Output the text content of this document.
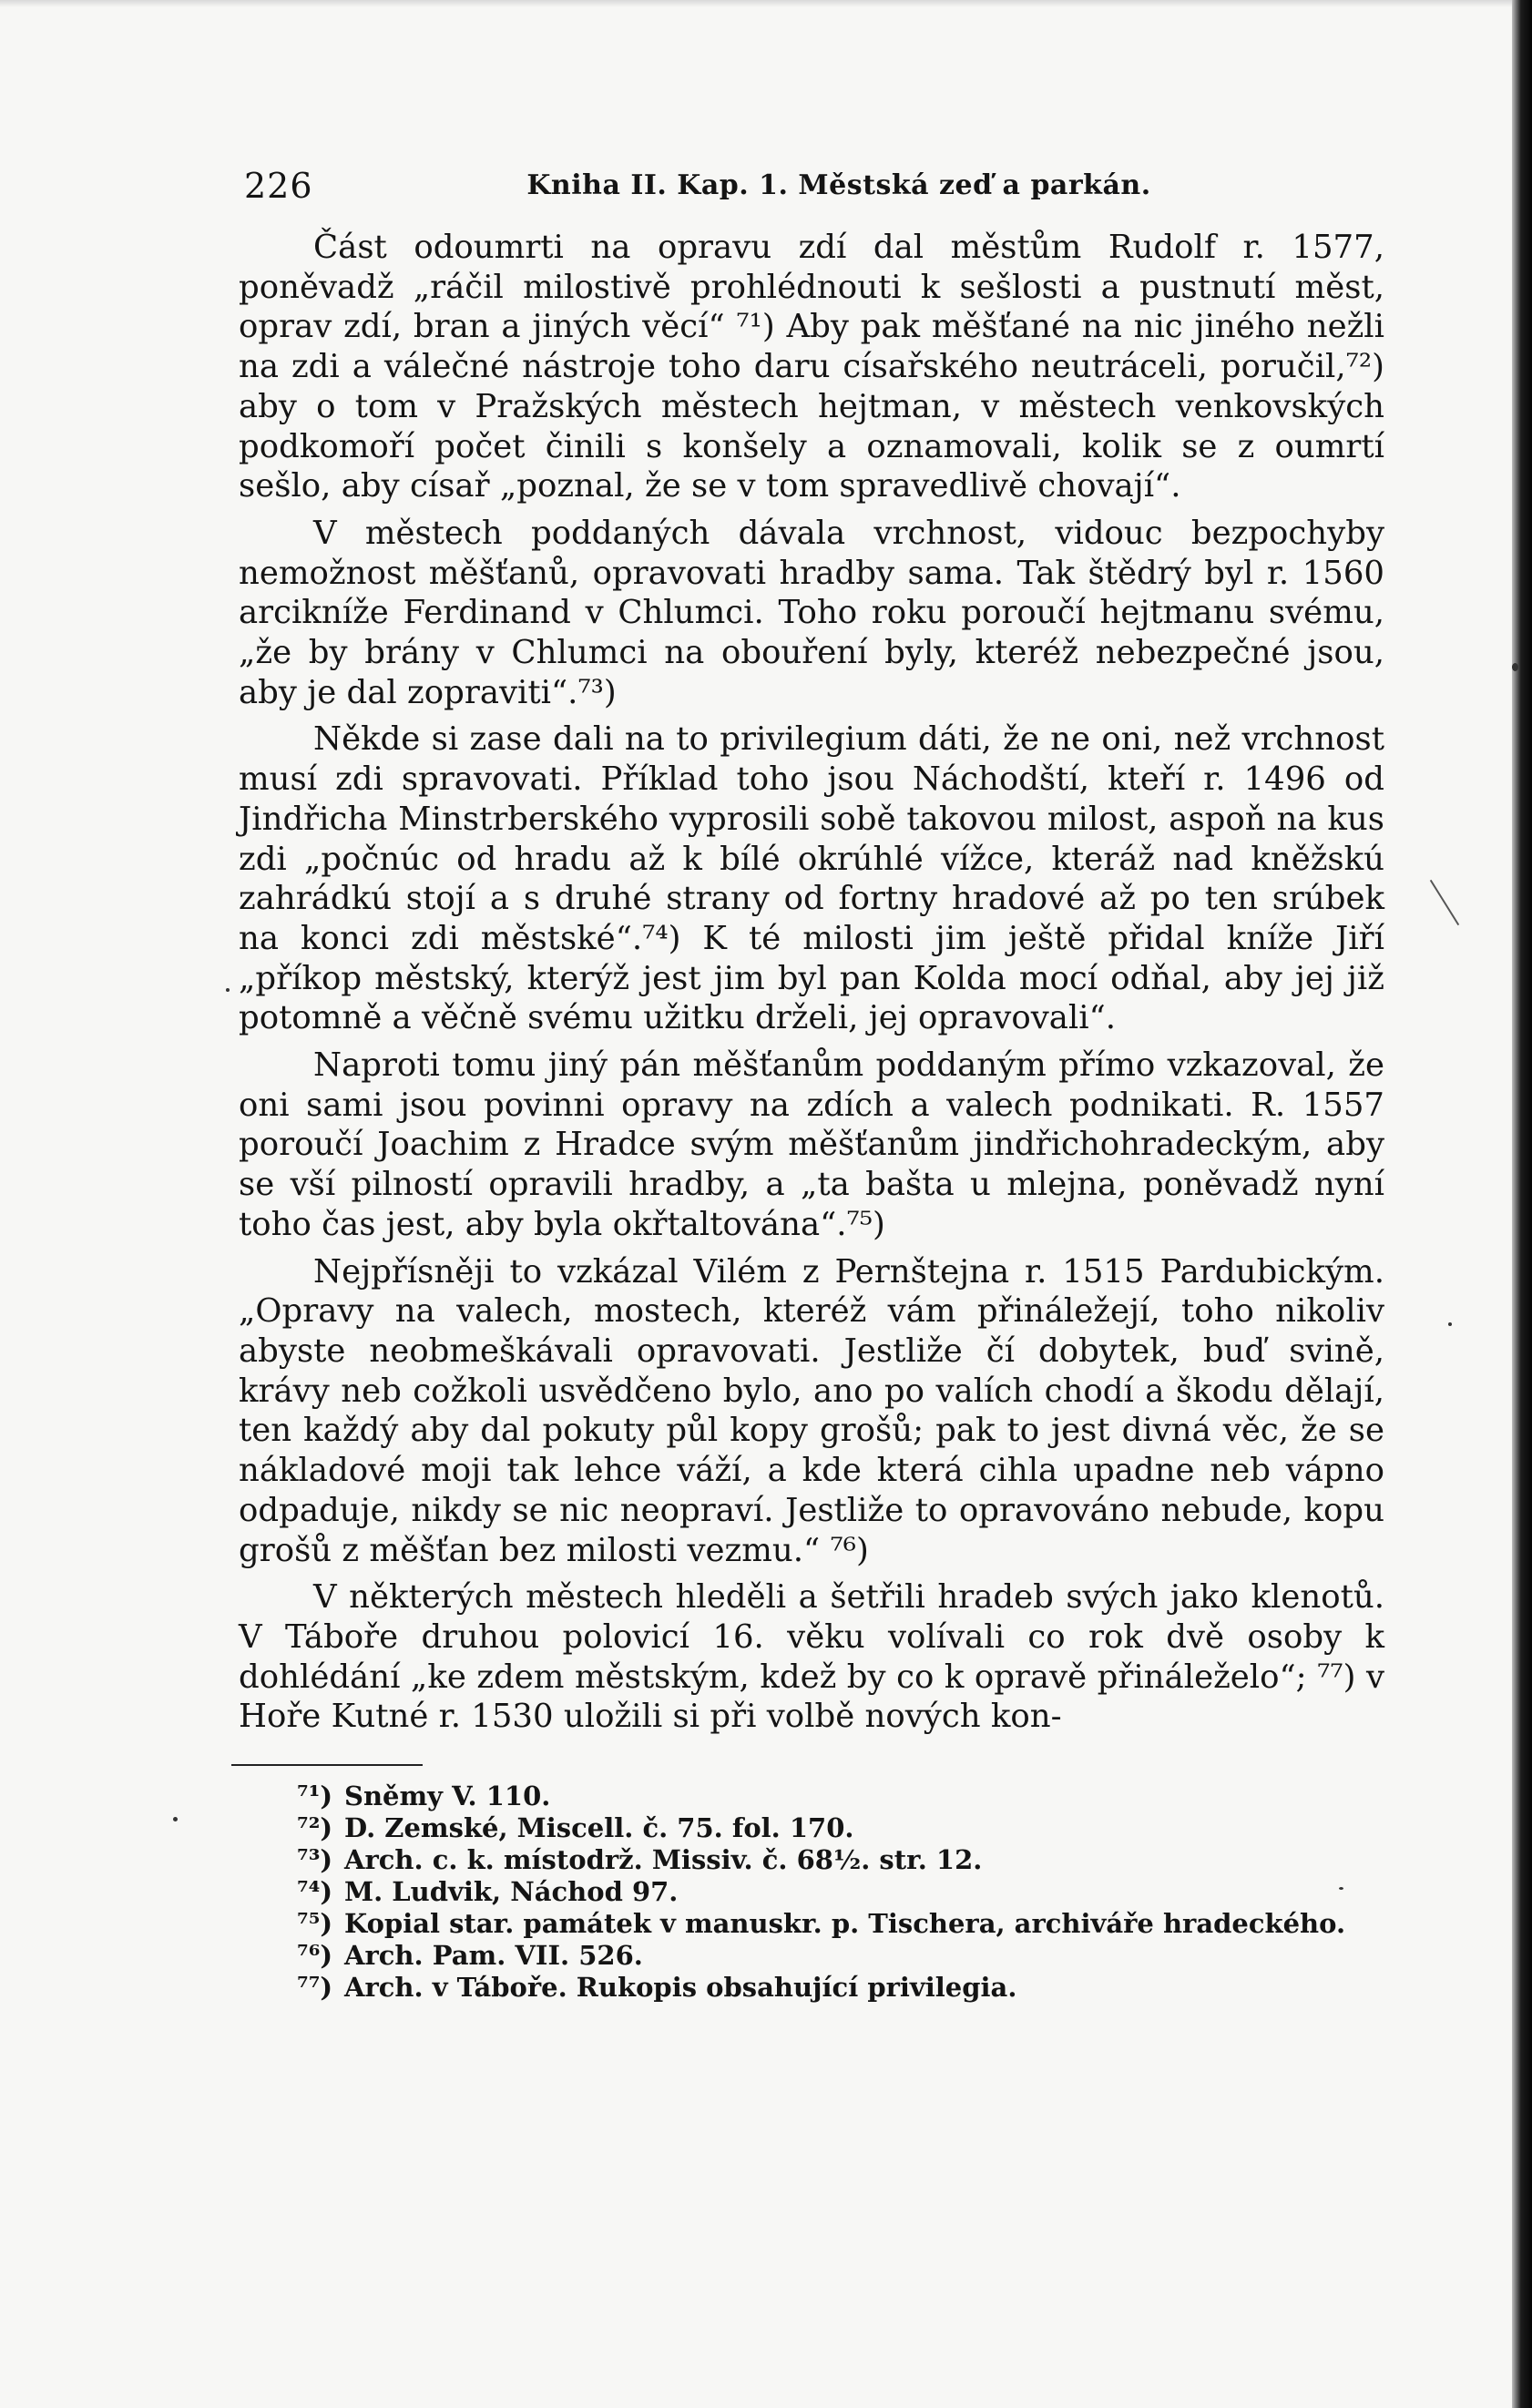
226	Kniha II. Kap. 1. Městská zeď a parkán.

Část odoumrti na opravu zdí dal městům Rudolf r. 1577, poněvadž „ráčil milostivě prohlédnouti k sešlosti a pustnutí měst, oprav zdí, bran a jiných věcí“ ⁷¹) Aby pak měšťané na nic jiného nežli na zdi a válečné nástroje toho daru císařského neutráceli, poručil,⁷²) aby o tom v Pražských městech hejtman, v městech venkovských podkomoří počet činili s konšely a oznamovali, kolik se z oumrtí sešlo, aby císař „poznal, že se v tom spravedlivě chovají“.

V městech poddaných dávala vrchnost, vidouc bezpochyby nemožnost měšťanů, opravovati hradby sama. Tak štědrý byl r. 1560 arcikníže Ferdinand v Chlumci. Toho roku poroučí hejtmanu svému, „že by brány v Chlumci na obouření byly, kteréž nebezpečné jsou, aby je dal zopraviti“.⁷³)

Někde si zase dali na to privilegium dáti, že ne oni, než vrchnost musí zdi spravovati. Příklad toho jsou Náchodští, kteří r. 1496 od Jindřicha Minstrberského vyprosili sobě takovou milost, aspoň na kus zdi „počnúc od hradu až k bílé okrúhlé vížce, kteráž nad kněžskú zahrádkú stojí a s druhé strany od fortny hradové až po ten srúbek na konci zdi městské“.⁷⁴) K té milosti jim ještě přidal kníže Jiří „příkop městský, kterýž jest jim byl pan Kolda mocí odňal, aby jej již potomně a věčně svému užitku drželi, jej opravovali“.

Naproti tomu jiný pán měšťanům poddaným přímo vzkazoval, že oni sami jsou povinni opravy na zdích a valech podnikati. R. 1557 poroučí Joachim z Hradce svým měšťanům jindřichohradeckým, aby se vší pilností opravili hradby, a „ta bašta u mlejna, poněvadž nyní toho čas jest, aby byla okřtaltována“.⁷⁵)

Nejpřísněji to vzkázal Vilém z Pernštejna r. 1515 Pardubickým. „Opravy na valech, mostech, kteréž vám přináležejí, toho nikoliv abyste neobmeškávali opravovati. Jestliže čí dobytek, buď svině, krávy neb cožkoli usvědčeno bylo, ano po valích chodí a škodu dělají, ten každý aby dal pokuty půl kopy grošů; pak to jest divná věc, že se nákladové moji tak lehce váží, a kde která cihla upadne neb vápno odpaduje, nikdy se nic neopraví. Jestliže to opravováno nebude, kopu grošů z měšťan bez milosti vezmu.“ ⁷⁶)

V některých městech hleděli a šetřili hradeb svých jako klenotů. V Táboře druhou polovicí 16. věku volívali co rok dvě osoby k dohlédání „ke zdem městským, kdež by co k opravě přináleželo“; ⁷⁷) v Hoře Kutné r. 1530 uložili si při volbě nových kon-

⁷¹) Sněmy V. 110.
⁷²) D. Zemské, Miscell. č. 75. fol. 170.
⁷³) Arch. c. k. místodrž. Missiv. č. 68½. str. 12.
⁷⁴) M. Ludvik, Náchod 97.
⁷⁵) Kopial star. památek v manuskr. p. Tischera, archiváře hradeckého.
⁷⁶) Arch. Pam. VII. 526.
⁷⁷) Arch. v Táboře. Rukopis obsahující privilegia.
